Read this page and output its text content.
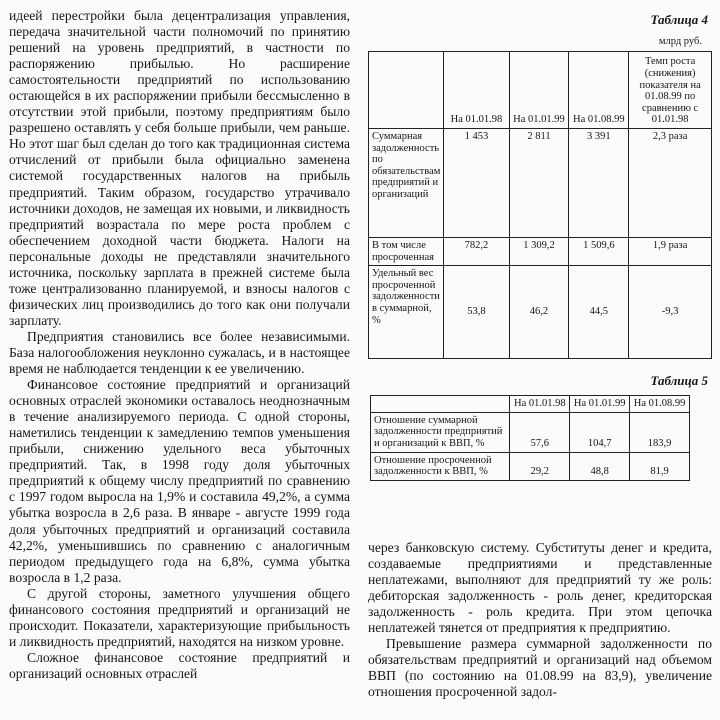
идеей перестройки была децентрализация управления, передача значительной части полномочий по принятию решений на уровень предприятий, в частности по распоряжению прибылью. Но расширение самостоятельности предприятий по использованию остающейся в их распоряжении прибыли бессмысленно в отсутствии этой прибыли, поэтому предприятиям было разрешено оставлять у себя больше прибыли, чем раньше. Но этот шаг был сделан до того как традиционная система отчислений от прибыли была официально заменена системой государственных налогов на прибыль предприятий. Таким образом, государство утрачивало источники доходов, не замещая их новыми, и ликвидность предприятий возрастала по мере роста проблем с обеспечением доходной части бюджета. Налоги на персональные доходы не представляли значительного источника, поскольку зарплата в прежней системе была тоже централизованно планируемой, и взносы налогов с физических лиц производились до того как они получали зарплату.

Предприятия становились все более независимыми. База налогообложения неуклонно сужалась, и в настоящее время не наблюдается тенденции к ее увеличению.

Финансовое состояние предприятий и организаций основных отраслей экономики оставалось неоднозначным в течение анализируемого периода. С одной стороны, наметились тенденции к замедлению темпов уменьшения прибыли, снижению удельного веса убыточных предприятий. Так, в 1998 году доля убыточных предприятий к общему числу предприятий по сравнению с 1997 годом выросла на 1,9% и составила 49,2%, а сумма убытка возросла в 2,6 раза. В январе - августе 1999 года доля убыточных предприятий и организаций составила 42,2%, уменьшившись по сравнению с аналогичным периодом предыдущего года на 6,8%, сумма убытка возросла в 1,2 раза.

С другой стороны, заметного улучшения общего финансового состояния предприятий и организаций не происходит. Показатели, характеризующие прибыльность и ликвидность предприятий, находятся на низком уровне.

Сложное финансовое состояние предприятий и организаций основных отраслей

Таблица 4
млрд руб.
	На 01.01.98	На 01.01.99	На 01.08.99	Темп роста (снижения) показателя на 01.08.99 по сравнению с 01.01.98
Суммарная задолженность по обязательствам предприятий и организаций	1 453	2 811	3 391	2,3 раза
В том числе просроченная	782,2	1 309,2	1 509,6	1,9 раза
Удельный вес просроченной задолженности в суммарной, %	53,8	46,2	44,5	-9,3
Таблица 5
	На 01.01.98	На 01.01.99	На 01.08.99
Отношение суммарной задолженности предприятий и организаций к ВВП, %	57,6	104,7	183,9
Отношение просроченной задолженности к ВВП, %	29,2	48,8	81,9

через банковскую систему. Субституты денег и кредита, создаваемые предприятиями и представленные неплатежами, выполняют для предприятий ту же роль: дебиторская задолженность - роль денег, кредиторская задолженность - роль кредита. При этом цепочка неплатежей тянется от предприятия к предприятию.

Превышение размера суммарной задолженности по обязательствам предприятий и организаций над объемом ВВП (по состоянию на 01.08.99 на 83,9), увеличение отношения просроченной задол-
